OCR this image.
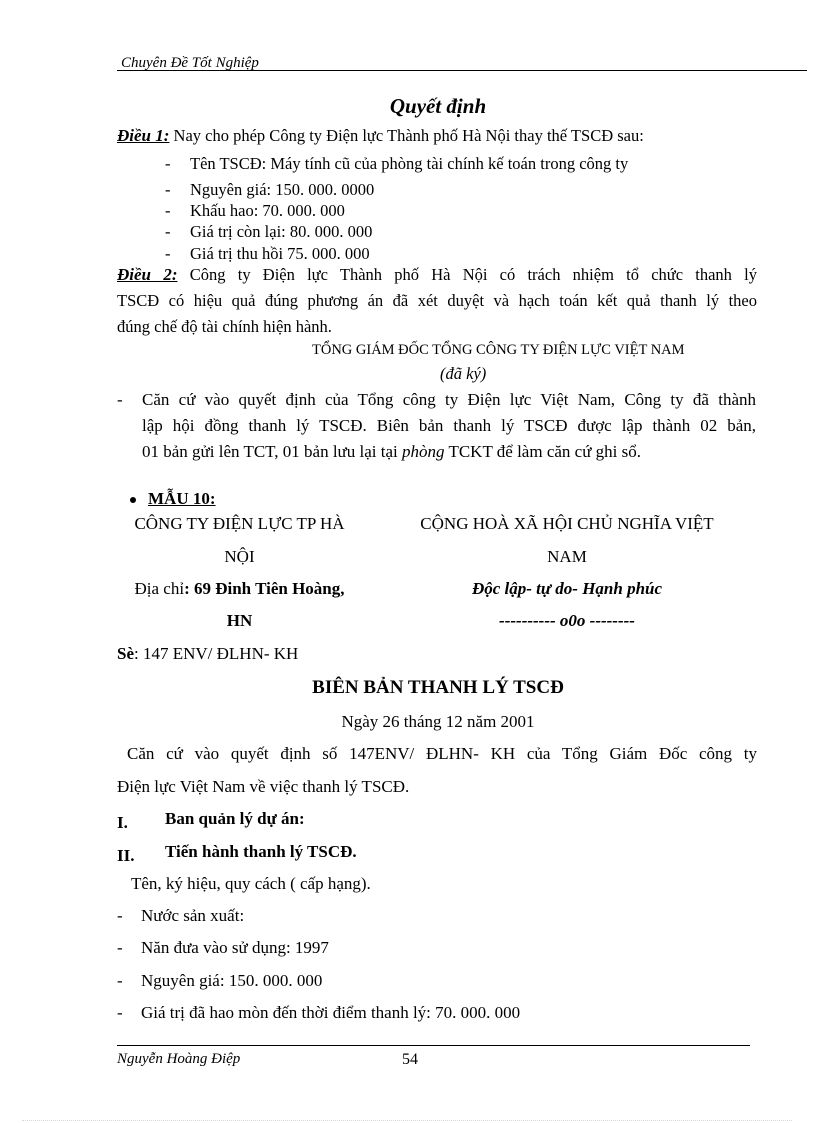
Chuyên Đề Tốt Nghiệp
Quyết định
Điều 1: Nay cho phép Công ty Điện lực Thành phố Hà Nội thay thế TSCĐ sau:
- Tên TSCĐ: Máy tính cũ của phòng tài chính kế toán trong công ty
- Nguyên giá: 150. 000. 0000
- Khấu hao: 70. 000. 000
- Giá trị còn lại: 80. 000. 000
- Giá trị thu hồi 75. 000. 000
Điều 2: Công ty Điện lực Thành phố Hà Nội có trách nhiệm tổ chức thanh lý
TSCĐ có hiệu quả đúng phương án đã xét duyệt và hạch toán kết quả thanh lý theo
đúng chế độ tài chính hiện hành.
TỔNG GIÁM ĐỐC TỔNG CÔNG TY ĐIỆN LỰC VIỆT NAM
(đã ký)
- Căn cứ vào quyết định của Tổng công ty Điện lực Việt Nam, Công ty đã thành
lập hội đồng thanh lý TSCĐ. Biên bản thanh lý TSCĐ được lập thành 02 bản,
01 bản gửi lên TCT, 01 bản lưu lại tại phòng TCKT để làm căn cứ ghi sổ.
MẪU 10:
CÔNG TY ĐIỆN LỰC TP HÀ
NỘI
Địa chỉ: 69 Đinh Tiên Hoàng,
HN
CỘNG HOÀ XÃ HỘI CHỦ NGHĨA VIỆT
NAM
Độc lập- tự do- Hạnh phúc
---------- o0o --------
Sè: 147 ENV/ ĐLHN- KH
BIÊN BẢN THANH LÝ TSCĐ
Ngày 26 tháng 12 năm 2001
Căn cứ vào quyết định số 147ENV/ ĐLHN- KH của Tổng Giám Đốc công ty
Điện lực Việt Nam về việc thanh lý TSCĐ.
I. Ban quản lý dự án:
II. Tiến hành thanh lý TSCĐ.
Tên, ký hiệu, quy cách ( cấp hạng).
- Nước sản xuất:
- Năn đưa vào sử dụng: 1997
- Nguyên giá: 150. 000. 000
- Giá trị đã hao mòn đến thời điểm thanh lý: 70. 000. 000
Nguyễn Hoàng Điệp	54
